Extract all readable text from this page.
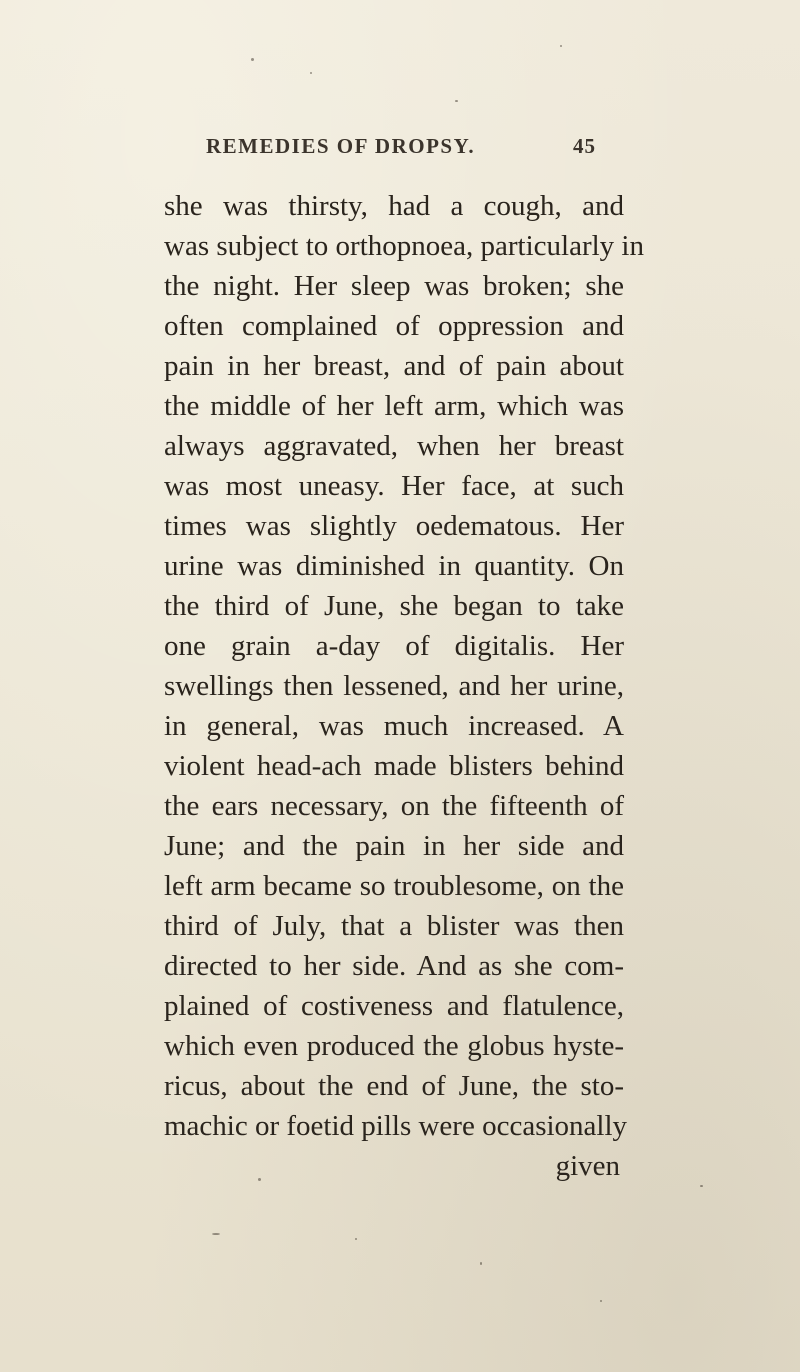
REMEDIES OF DROPSY.	45
she was thirsty, had a cough, and
was subject to orthopnoea, particularly in
the night. Her sleep was broken; she
often complained of oppression and
pain in her breast, and of pain about
the middle of her left arm, which was
always aggravated, when her breast
was most uneasy. Her face, at such
times was slightly oedematous. Her
urine was diminished in quantity. On
the third of June, she began to take
one grain a-day of digitalis. Her
swellings then lessened, and her urine,
in general, was much increased. A
violent head-ach made blisters behind
the ears necessary, on the fifteenth of
June; and the pain in her side and
left arm became so troublesome, on the
third of July, that a blister was then
directed to her side. And as she com-
plained of costiveness and flatulence,
which even produced the globus hyste-
ricus, about the end of June, the sto-
machic or foetid pills were occasionally
given
